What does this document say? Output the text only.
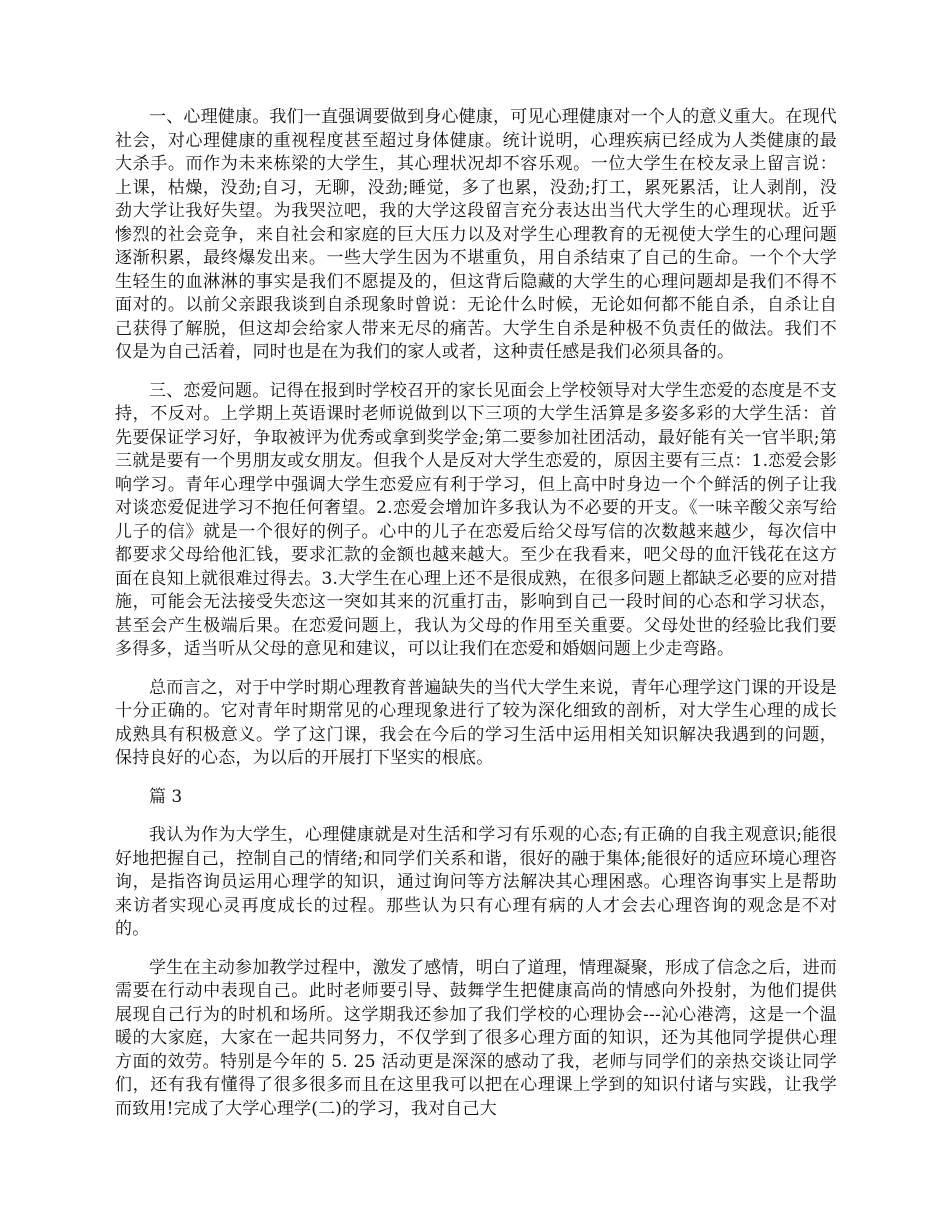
一、心理健康。我们一直强调要做到身心健康，可见心理健康对一个人的意义重大。在现代社会，对心理健康的重视程度甚至超过身体健康。统计说明，心理疾病已经成为人类健康的最大杀手。而作为未来栋梁的大学生，其心理状况却不容乐观。一位大学生在校友录上留言说：上课，枯燥，没劲;自习，无聊，没劲;睡觉，多了也累，没劲;打工，累死累活，让人剥削，没劲大学让我好失望。为我哭泣吧，我的大学这段留言充分表达出当代大学生的心理现状。近乎惨烈的社会竞争，来自社会和家庭的巨大压力以及对学生心理教育的无视使大学生的心理问题逐渐积累，最终爆发出来。一些大学生因为不堪重负，用自杀结束了自己的生命。一个个大学生轻生的血淋淋的事实是我们不愿提及的，但这背后隐藏的大学生的心理问题却是我们不得不面对的。以前父亲跟我谈到自杀现象时曾说：无论什么时候，无论如何都不能自杀，自杀让自己获得了解脱，但这却会给家人带来无尽的痛苦。大学生自杀是种极不负责任的做法。我们不仅是为自己活着，同时也是在为我们的家人或者，这种责任感是我们必须具备的。

三、恋爱问题。记得在报到时学校召开的家长见面会上学校领导对大学生恋爱的态度是不支持，不反对。上学期上英语课时老师说做到以下三项的大学生活算是多姿多彩的大学生活：首先要保证学习好，争取被评为优秀或拿到奖学金;第二要参加社团活动，最好能有关一官半职;第三就是要有一个男朋友或女朋友。但我个人是反对大学生恋爱的，原因主要有三点：1.恋爱会影响学习。青年心理学中强调大学生恋爱应有利于学习，但上高中时身边一个个鲜活的例子让我对谈恋爱促进学习不抱任何奢望。2.恋爱会增加许多我认为不必要的开支。《一味辛酸父亲写给儿子的信》就是一个很好的例子。心中的儿子在恋爱后给父母写信的次数越来越少，每次信中都要求父母给他汇钱，要求汇款的金额也越来越大。至少在我看来，吧父母的血汗钱花在这方面在良知上就很难过得去。3.大学生在心理上还不是很成熟，在很多问题上都缺乏必要的应对措施，可能会无法接受失恋这一突如其来的沉重打击，影响到自己一段时间的心态和学习状态，甚至会产生极端后果。在恋爱问题上，我认为父母的作用至关重要。父母处世的经验比我们要多得多，适当听从父母的意见和建议，可以让我们在恋爱和婚姻问题上少走弯路。

总而言之，对于中学时期心理教育普遍缺失的当代大学生来说，青年心理学这门课的开设是十分正确的。它对青年时期常见的心理现象进行了较为深化细致的剖析，对大学生心理的成长成熟具有积极意义。学了这门课，我会在今后的学习生活中运用相关知识解决我遇到的问题，保持良好的心态，为以后的开展打下坚实的根底。

篇 3

我认为作为大学生，心理健康就是对生活和学习有乐观的心态;有正确的自我主观意识;能很好地把握自己，控制自己的情绪;和同学们关系和谐，很好的融于集体;能很好的适应环境心理咨询，是指咨询员运用心理学的知识，通过询问等方法解决其心理困惑。心理咨询事实上是帮助来访者实现心灵再度成长的过程。那些认为只有心理有病的人才会去心理咨询的观念是不对的。

学生在主动参加教学过程中，激发了感情，明白了道理，情理凝聚，形成了信念之后，进而需要在行动中表现自己。此时老师要引导、鼓舞学生把健康高尚的情感向外投射，为他们提供展现自己行为的时机和场所。这学期我还参加了我们学校的心理协会---沁心港湾，这是一个温暖的大家庭，大家在一起共同努力，不仅学到了很多心理方面的知识，还为其他同学提供心理方面的效劳。特别是今年的 5. 25 活动更是深深的感动了我，老师与同学们的亲热交谈让同学们，还有我有懂得了很多很多而且在这里我可以把在心理课上学到的知识付诸与实践，让我学而致用!完成了大学心理学(二)的学习，我对自己大
